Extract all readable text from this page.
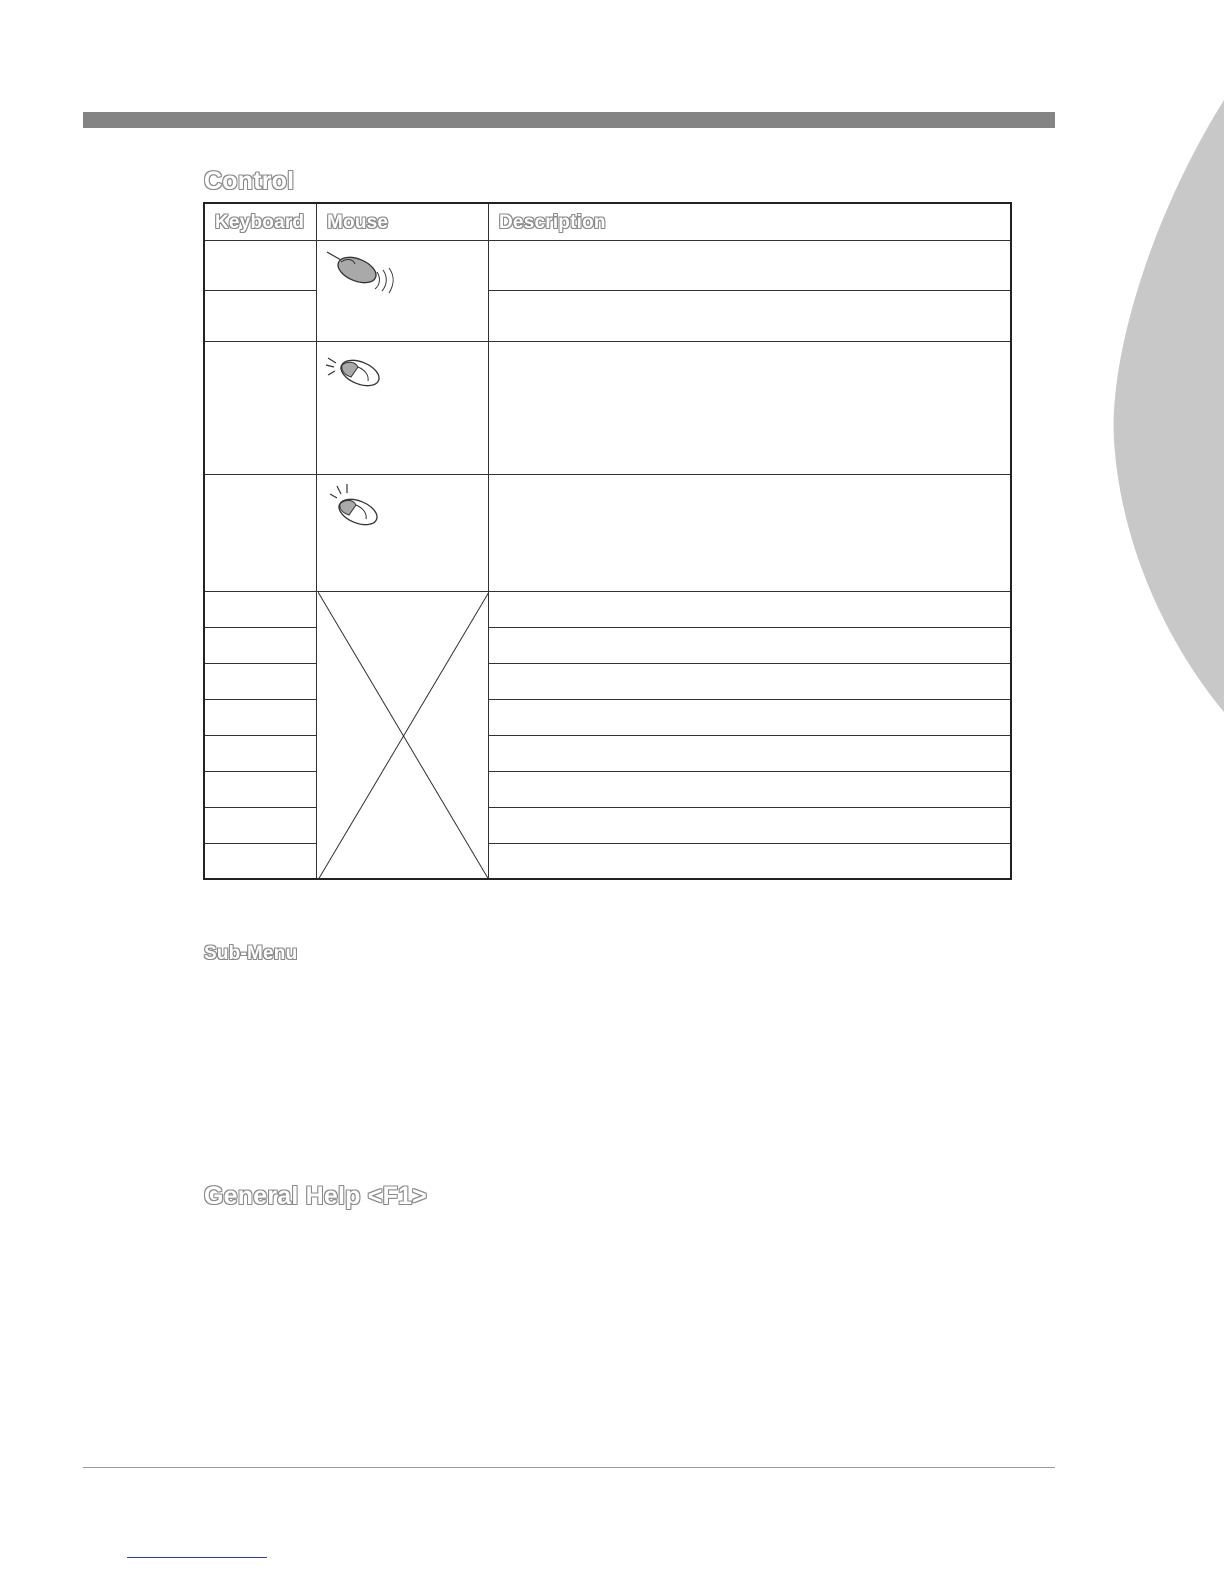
Control
Keyboard Mouse	Description
Sub-Menu
General Help <F1>
